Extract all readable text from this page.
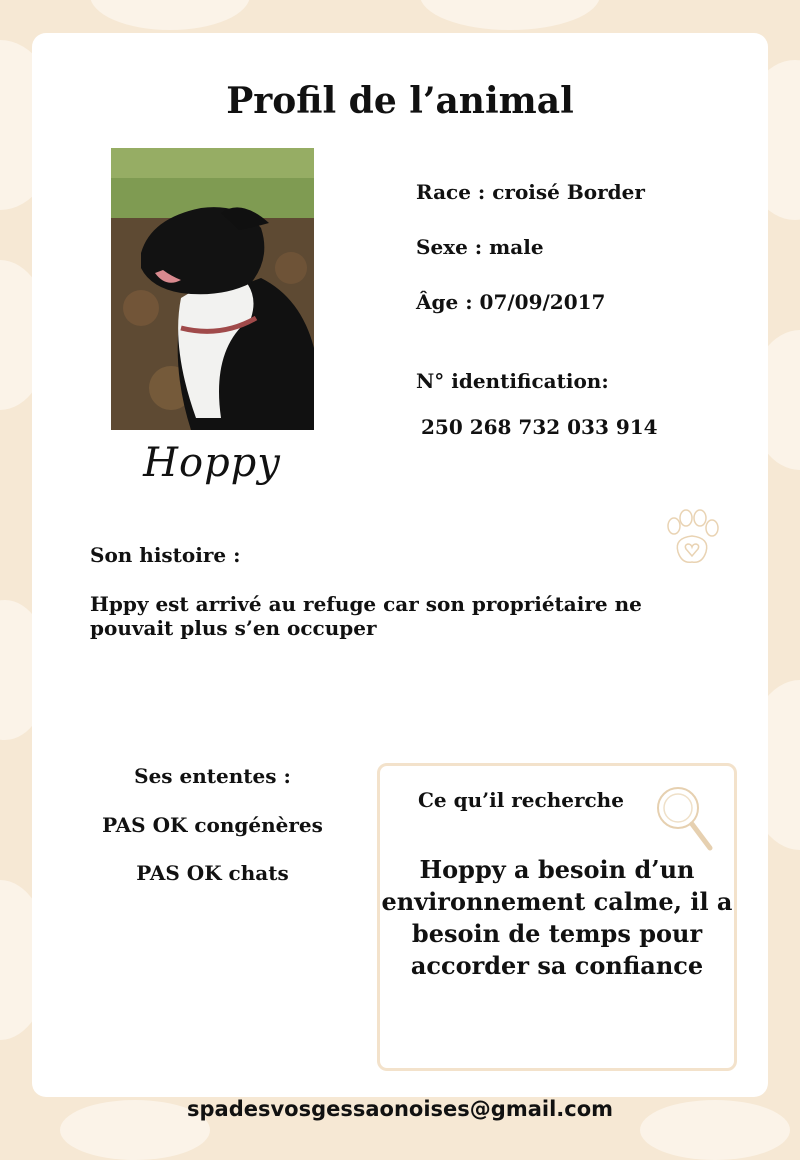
Profil de l’animal
Hoppy
Race : croisé Border
Sexe : male
Âge : 07/09/2017
N° identification:
250 268 732 033 914
Son histoire :
Hppy est arrivé au refuge car son propriétaire ne pouvait plus s’en occuper
Ses ententes :
PAS OK congénères
PAS OK chats
Ce qu’il recherche
Hoppy a besoin d’un environnement calme, il a besoin de temps pour accorder sa confiance
spadesvosgessaonoises@gmail.com
